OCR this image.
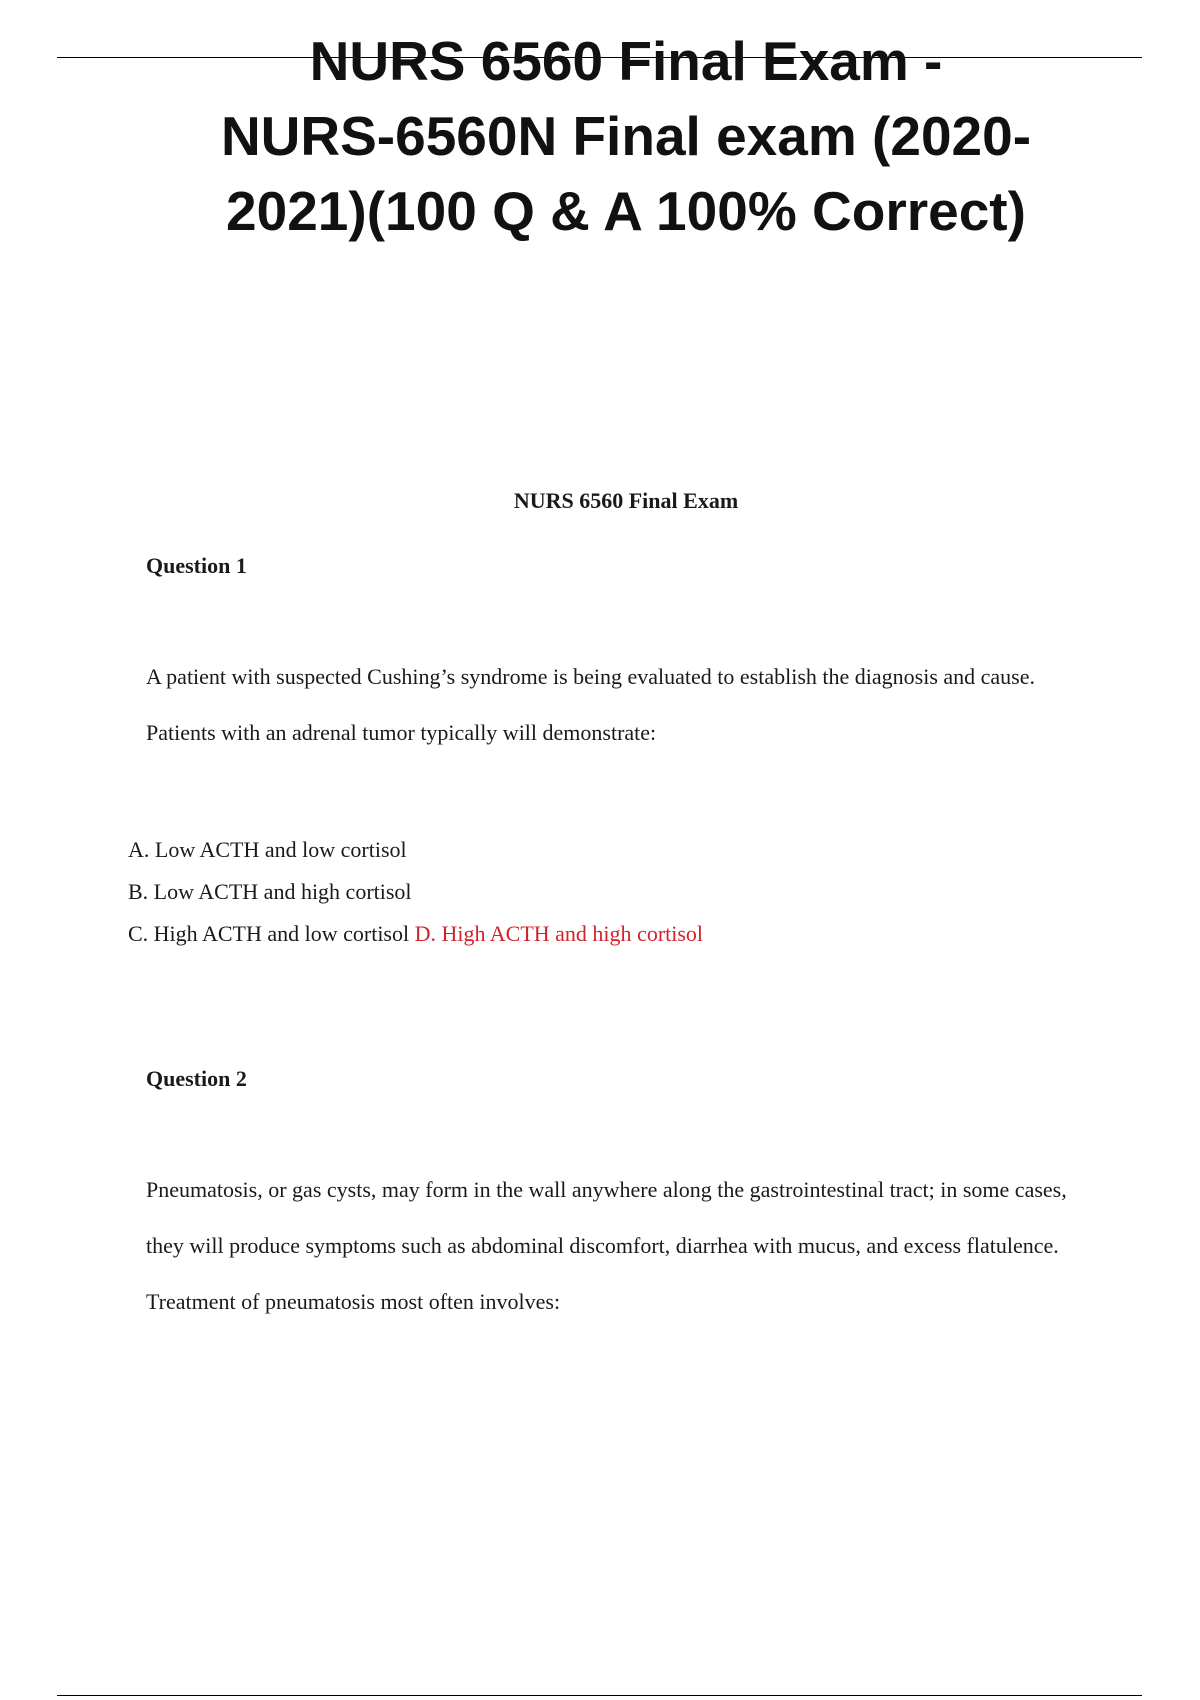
NURS 6560 Final Exam -
NURS-6560N Final exam (2020-
2021)(100 Q & A 100% Correct)
NURS 6560 Final Exam
Question 1

A patient with suspected Cushing’s syndrome is being evaluated to establish the diagnosis and cause. Patients with an adrenal tumor typically will demonstrate:

A. Low ACTH and low cortisol
B. Low ACTH and high cortisol
C. High ACTH and low cortisol D. High ACTH and high cortisol
Question 2

Pneumatosis, or gas cysts, may form in the wall anywhere along the gastrointestinal tract; in some cases, they will produce symptoms such as abdominal discomfort, diarrhea with mucus, and excess flatulence. Treatment of pneumatosis most often involves:
